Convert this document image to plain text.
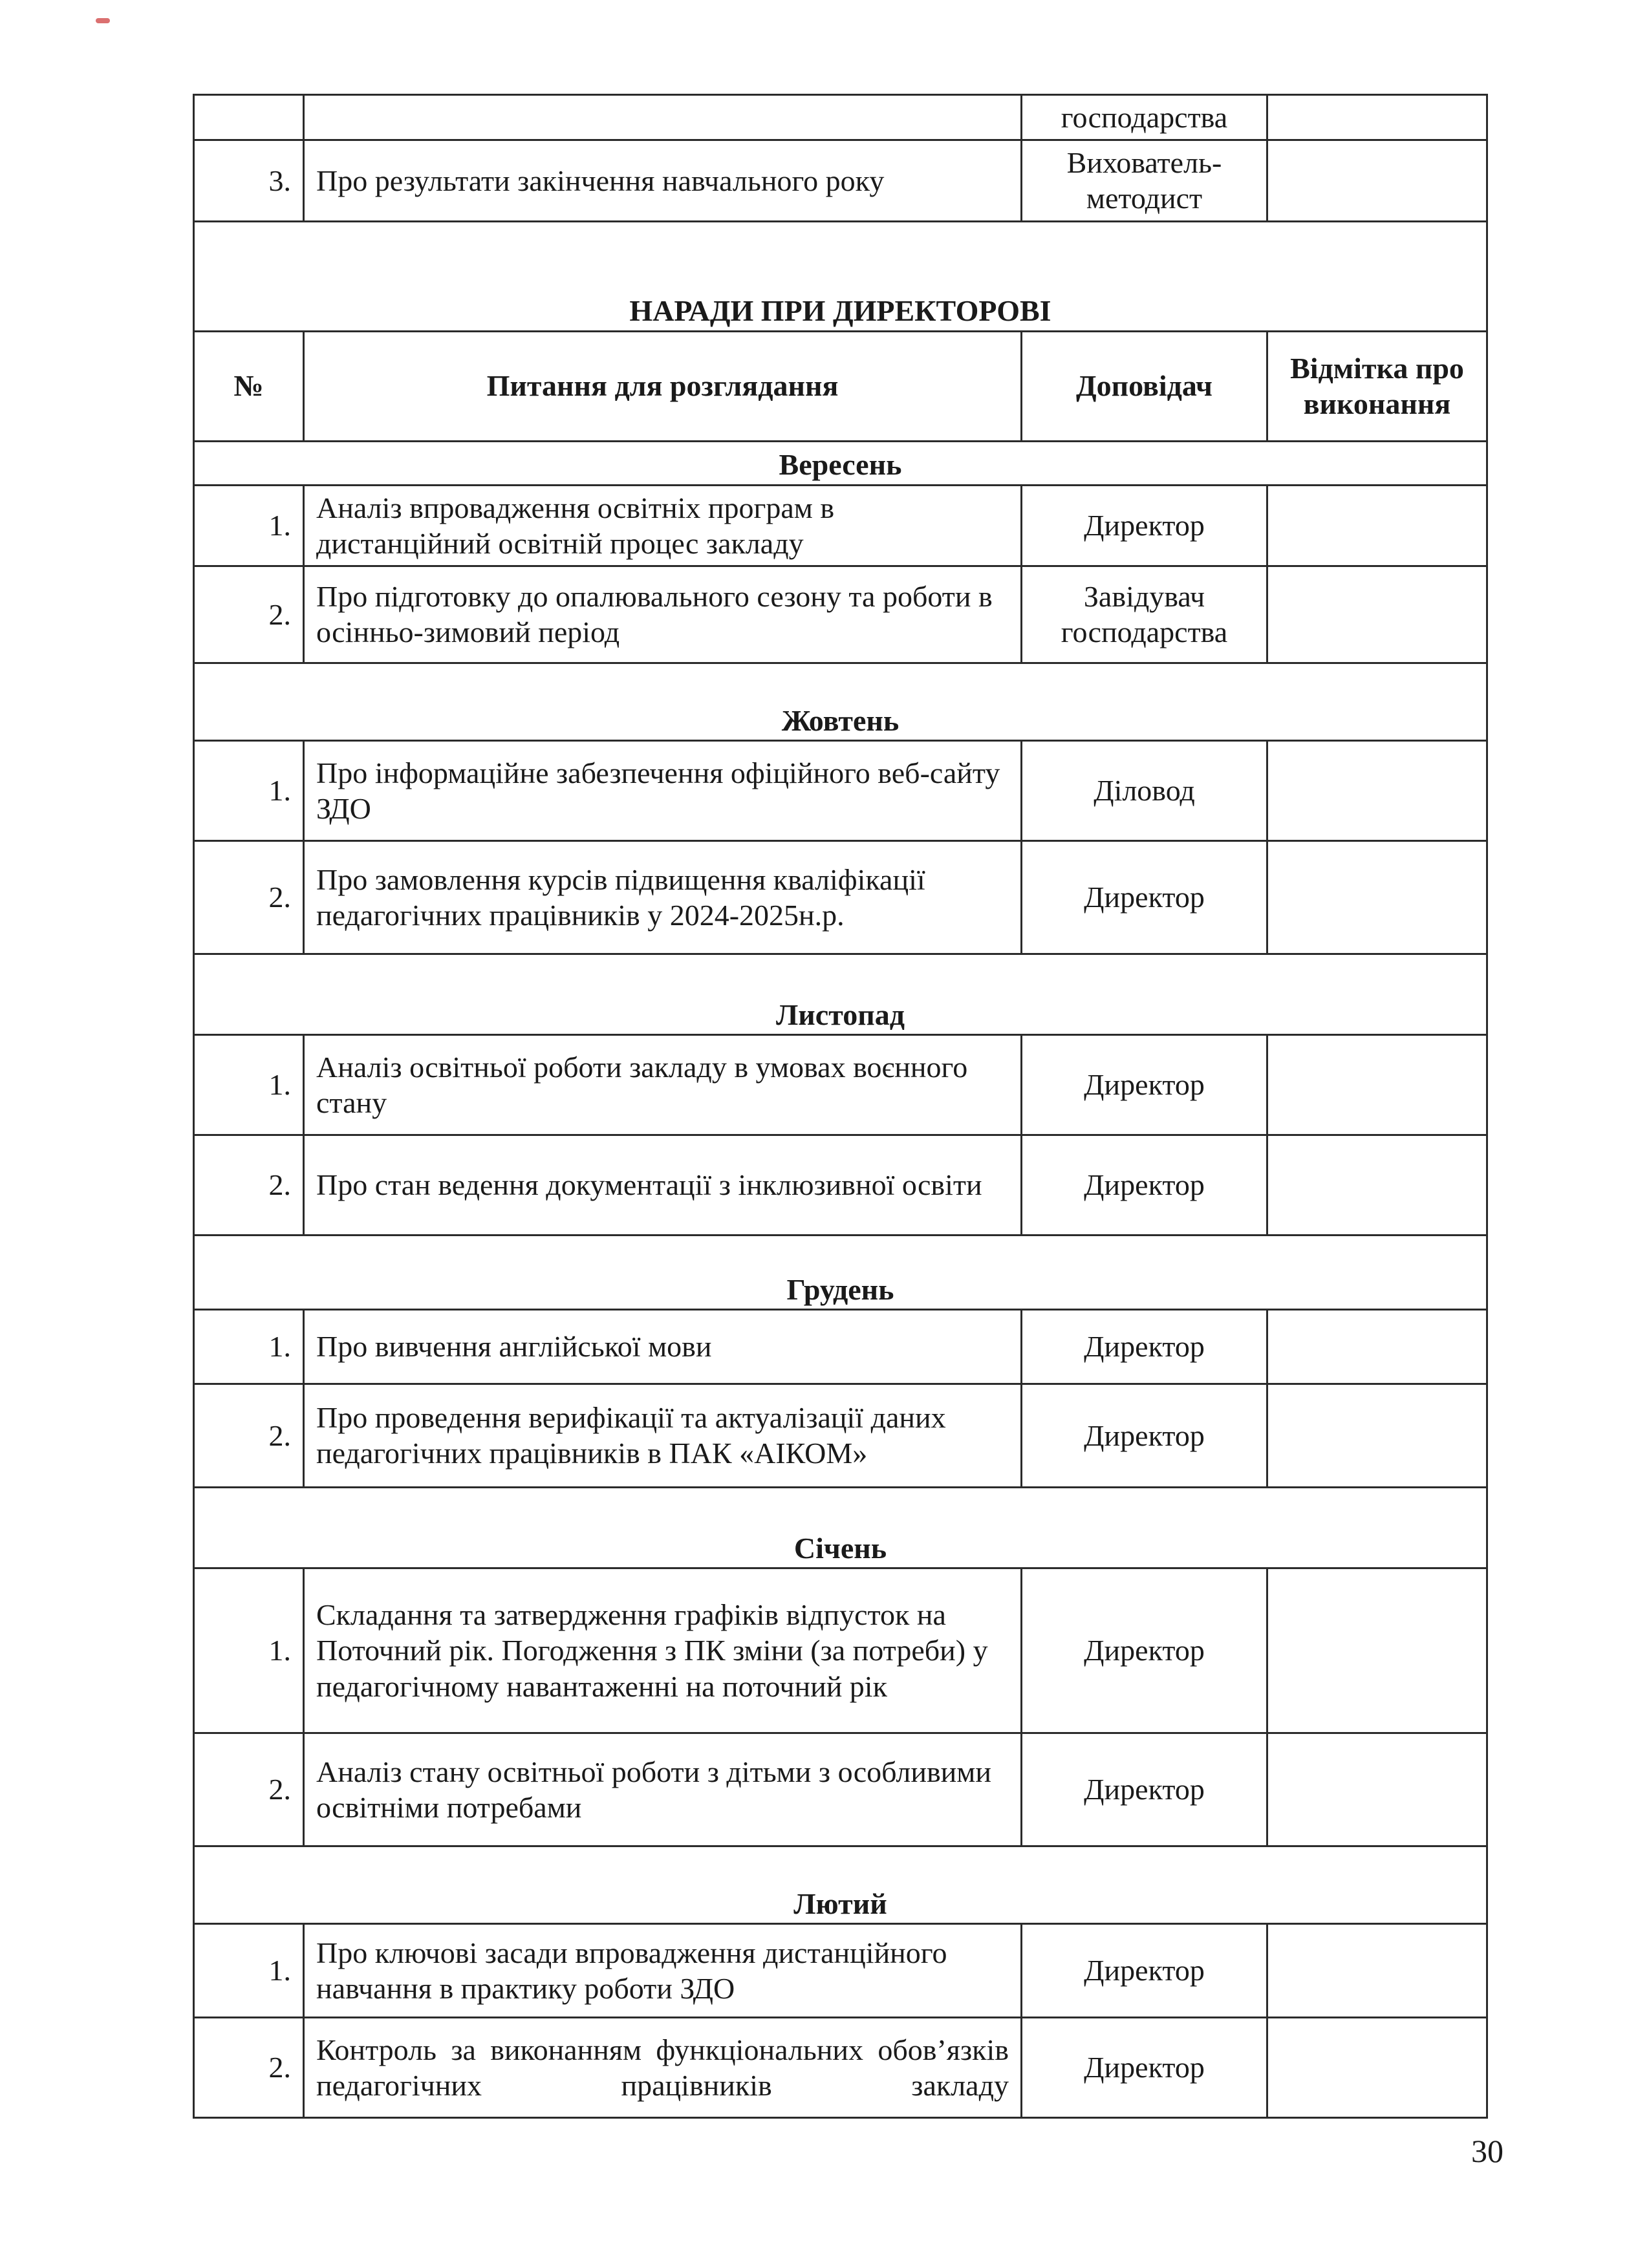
		господарства	
3.	Про результати закінчення навчального року	Вихователь-методист	
НАРАДИ ПРИ ДИРЕКТОРОВІ			
№	Питання для розглядання	Доповідач	Відмітка про виконання
Вересень			
1.	Аналіз впровадження освітніх програм в дистанційний освітній процес закладу	Директор	
2.	Про підготовку до опалювального сезону та роботи в осінньо-зимовий період	Завідувач господарства	
Жовтень			
1.	Про інформаційне забезпечення офіційного веб-сайту ЗДО	Діловод	
2.	Про замовлення курсів підвищення кваліфікації педагогічних працівників у 2024-2025н.р.	Директор	
Листопад			
1.	Аналіз освітньої роботи закладу в умовах воєнного стану	Директор	
2.	Про стан ведення документації з інклюзивної освіти	Директор	
Грудень			
1.	Про вивчення англійської мови	Директор	
2.	Про проведення верифікації та актуалізації даних педагогічних працівників в ПАК «АІКОМ»	Директор	
Січень			
1.	Складання та затвердження графіків відпусток на Поточний рік. Погодження з ПК зміни (за потреби) у педагогічному навантаженні на поточний рік	Директор	
2.	Аналіз стану освітньої роботи з дітьми з особливими освітніми потребами	Директор	
Лютий			
1.	Про ключові засади впровадження дистанційного навчання в практику роботи ЗДО	Директор	
2.	Контроль за виконанням функціональних обов’язків педагогічних працівників закладу	Директор	
30
